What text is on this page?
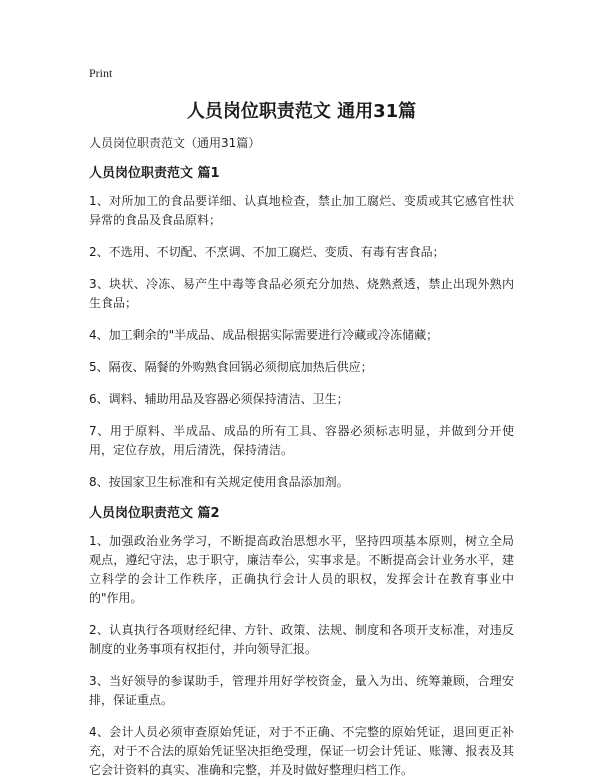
Print
人员岗位职责范文 通用31篇
人员岗位职责范文（通用31篇）
人员岗位职责范文 篇1
1、对所加工的食品要详细、认真地检查，禁止加工腐烂、变质或其它感官性状异常的食品及食品原料；
2、不选用、不切配、不烹调、不加工腐烂、变质、有毒有害食品；
3、块状、冷冻、易产生中毒等食品必须充分加热、烧熟煮透，禁止出现外熟内生食品；
4、加工剩余的"半成品、成品根据实际需要进行冷藏或冷冻储藏；
5、隔夜、隔餐的外购熟食回锅必须彻底加热后供应；
6、调料、辅助用品及容器必须保持清洁、卫生；
7、用于原料、半成品、成品的所有工具、容器必须标志明显，并做到分开使用，定位存放，用后清洗，保持清洁。
8、按国家卫生标准和有关规定使用食品添加剂。
人员岗位职责范文 篇2
1、加强政治业务学习，不断提高政治思想水平，坚持四项基本原则，树立全局观点，遵纪守法，忠于职守，廉洁奉公，实事求是。不断提高会计业务水平，建立科学的会计工作秩序，正确执行会计人员的职权，发挥会计在教育事业中的"作用。
2、认真执行各项财经纪律、方针、政策、法规、制度和各项开支标准，对违反制度的业务事项有权拒付，并向领导汇报。
3、当好领导的参谋助手，管理并用好学校资金，量入为出、统筹兼顾，合理安排，保证重点。
4、会计人员必须审查原始凭证，对于不正确、不完整的原始凭证，退回更正补充，对于不合法的原始凭证坚决拒绝受理，保证一切会计凭证、账簿、报表及其它会计资料的真实、准确和完整，并及时做好整理归档工作。
